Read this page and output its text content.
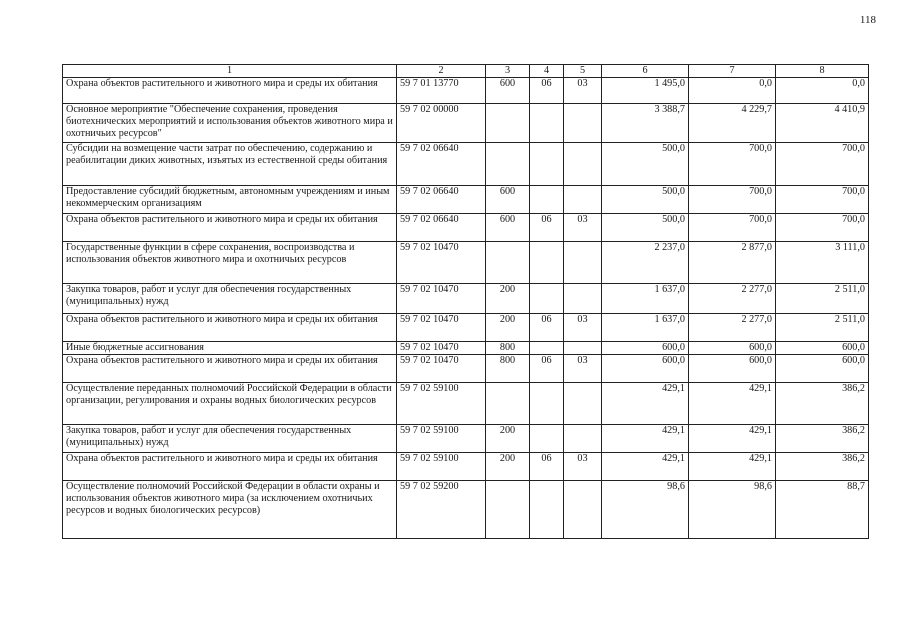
118
1	2	3	4	5	6	7	8
Охрана объектов растительного и животного мира и среды их обитания	59 7 01 13770	600	06	03	1 495,0	0,0	0,0
Основное мероприятие "Обеспечение сохранения, проведения биотехнических мероприятий и использования объектов животного мира и охотничьих ресурсов"	59 7 02 00000				3 388,7	4 229,7	4 410,9
Субсидии на возмещение части затрат по обеспечению, содержанию и реабилитации диких животных, изъятых из естественной среды обитания	59 7 02 06640				500,0	700,0	700,0
Предоставление субсидий бюджетным, автономным учреждениям и иным некоммерческим организациям	59 7 02 06640	600			500,0	700,0	700,0
Охрана объектов растительного и животного мира и среды их обитания	59 7 02 06640	600	06	03	500,0	700,0	700,0
Государственные функции в сфере сохранения, воспроизводства и использования объектов животного мира и охотничьих ресурсов	59 7 02 10470				2 237,0	2 877,0	3 111,0
Закупка товаров, работ и услуг для обеспечения государственных (муниципальных) нужд	59 7 02 10470	200			1 637,0	2 277,0	2 511,0
Охрана объектов растительного и животного мира и среды их обитания	59 7 02 10470	200	06	03	1 637,0	2 277,0	2 511,0
Иные бюджетные ассигнования	59 7 02 10470	800			600,0	600,0	600,0
Охрана объектов растительного и животного мира и среды их обитания	59 7 02 10470	800	06	03	600,0	600,0	600,0
Осуществление переданных полномочий Российской Федерации в области организации, регулирования и охраны водных биологических ресурсов	59 7 02 59100				429,1	429,1	386,2
Закупка товаров, работ и услуг для обеспечения государственных (муниципальных) нужд	59 7 02 59100	200			429,1	429,1	386,2
Охрана объектов растительного и животного мира и среды их обитания	59 7 02 59100	200	06	03	429,1	429,1	386,2
Осуществление полномочий Российской Федерации в области охраны и использования объектов животного мира (за исключением охотничьих ресурсов и водных биологических ресурсов)	59 7 02 59200				98,6	98,6	88,7
